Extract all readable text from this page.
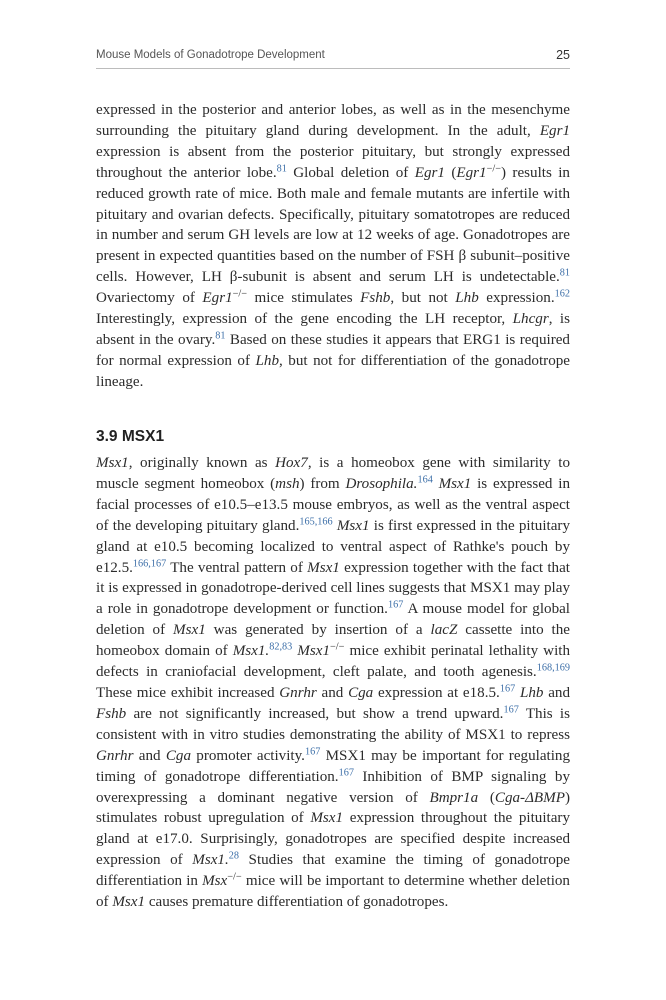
Mouse Models of Gonadotrope Development	25

expressed in the posterior and anterior lobes, as well as in the mesenchyme surrounding the pituitary gland during development. In the adult, Egr1 expression is absent from the posterior pituitary, but strongly expressed throughout the anterior lobe.$^{81}$ Global deletion of Egr1 (Egr1−/−) results in reduced growth rate of mice. Both male and female mutants are infertile with pituitary and ovarian defects. Specifically, pituitary somatotropes are reduced in number and serum GH levels are low at 12 weeks of age. Gonadotropes are present in expected quantities based on the number of FSH β subunit–positive cells. However, LH β-subunit is absent and serum LH is undetectable.$^{81}$ Ovariectomy of Egr1−/− mice stimulates Fshb, but not Lhb expression.$^{162}$ Interestingly, expression of the gene encoding the LH receptor, Lhcgr, is absent in the ovary.$^{81}$ Based on these studies it appears that ERG1 is required for normal expression of Lhb, but not for differentiation of the gonadotrope lineage.

3.9 MSX1

Msx1, originally known as Hox7, is a homeobox gene with similarity to muscle segment homeobox (msh) from Drosophila.$^{164}$ Msx1 is expressed in facial processes of e10.5–e13.5 mouse embryos, as well as the ventral aspect of the developing pituitary gland.$^{165,166}$ Msx1 is first expressed in the pituitary gland at e10.5 becoming localized to ventral aspect of Rathke's pouch by e12.5.$^{166,167}$ The ventral pattern of Msx1 expression together with the fact that it is expressed in gonadotrope-derived cell lines suggests that MSX1 may play a role in gonadotrope development or function.$^{167}$ A mouse model for global deletion of Msx1 was generated by insertion of a lacZ cassette into the homeobox domain of Msx1.$^{82,83}$ Msx1−/− mice exhibit perinatal lethality with defects in craniofacial development, cleft palate, and tooth agenesis.$^{168,169}$ These mice exhibit increased Gnrhr and Cga expression at e18.5.$^{167}$ Lhb and Fshb are not significantly increased, but show a trend upward.$^{167}$ This is consistent with in vitro studies demonstrating the ability of MSX1 to repress Gnrhr and Cga promoter activity.$^{167}$ MSX1 may be important for regulating timing of gonadotrope differentiation.$^{167}$ Inhibition of BMP signaling by overexpressing a dominant negative version of Bmpr1a (Cga-ΔBMP) stimulates robust upregulation of Msx1 expression throughout the pituitary gland at e17.0. Surprisingly, gonadotropes are specified despite increased expression of Msx1.28 Studies that examine the timing of gonadotrope differentiation in Msx−/− mice will be important to determine whether deletion of Msx1 causes premature differentiation of gonadotropes.
